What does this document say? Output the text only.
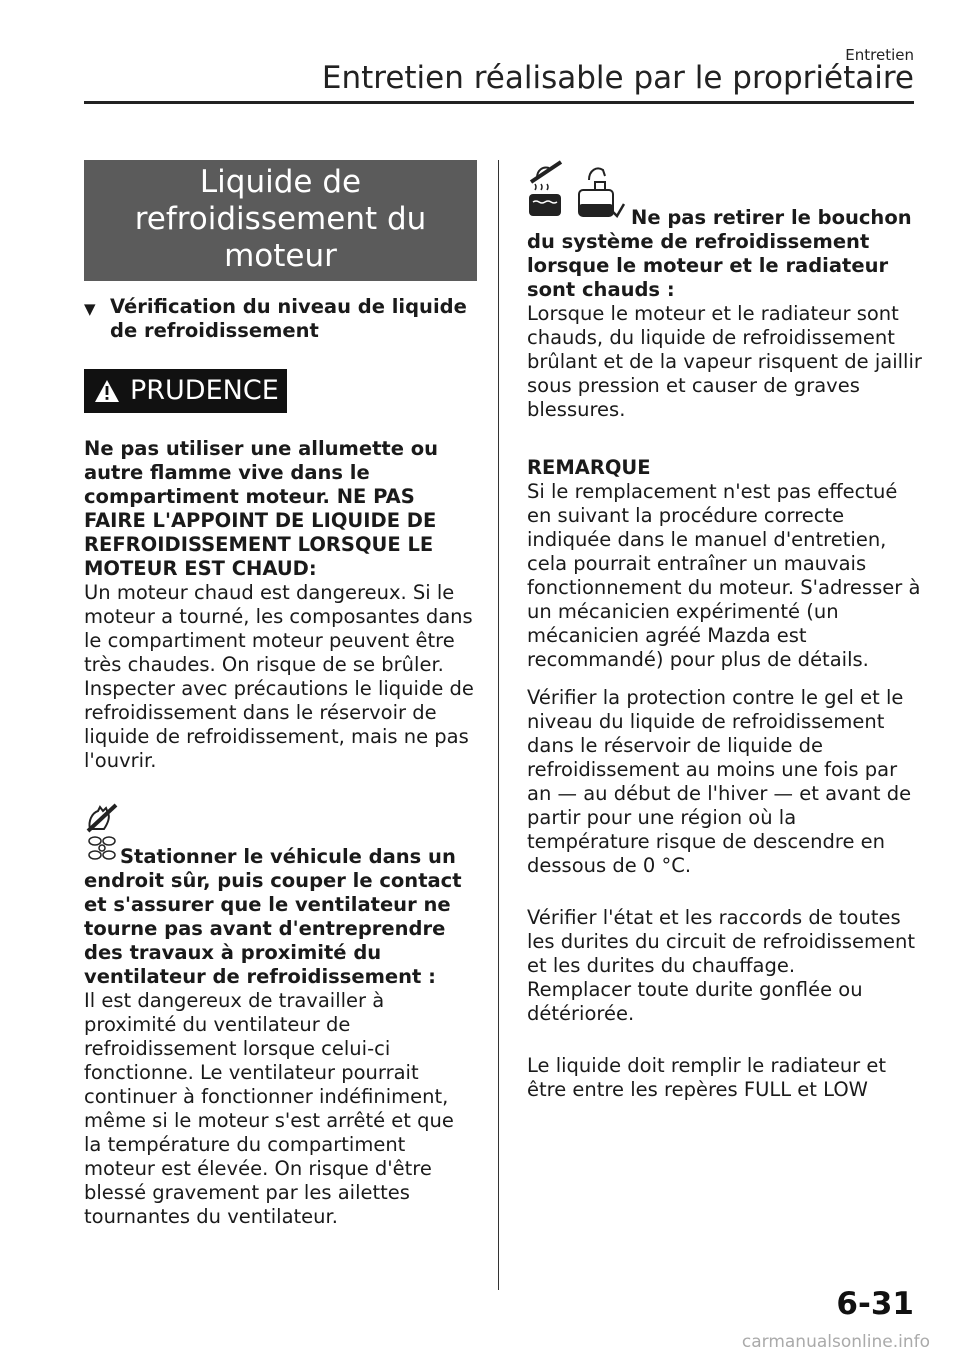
Entretien
Entretien réalisable par le propriétaire
Liquide de refroidissement du moteur
▼ Vérification du niveau de liquide de refroidissement
PRUDENCE

Ne pas utiliser une allumette ou autre flamme vive dans le compartiment moteur. NE PAS FAIRE L'APPOINT DE LIQUIDE DE REFROIDISSEMENT LORSQUE LE MOTEUR EST CHAUD:

Un moteur chaud est dangereux. Si le moteur a tourné, les composantes dans le compartiment moteur peuvent être très chaudes. On risque de se brûler. Inspecter avec précautions le liquide de refroidissement dans le réservoir de liquide de refroidissement, mais ne pas l'ouvrir.

Stationner le véhicule dans un endroit sûr, puis couper le contact et s'assurer que le ventilateur ne tourne pas avant d'entreprendre des travaux à proximité du ventilateur de refroidissement :

Il est dangereux de travailler à proximité du ventilateur de refroidissement lorsque celui-ci fonctionne. Le ventilateur pourrait continuer à fonctionner indéfiniment, même si le moteur s'est arrêté et que la température du compartiment moteur est élevée. On risque d'être blessé gravement par les ailettes tournantes du ventilateur.

Ne pas retirer le bouchon du système de refroidissement lorsque le moteur et le radiateur sont chauds :

Lorsque le moteur et le radiateur sont chauds, du liquide de refroidissement brûlant et de la vapeur risquent de jaillir sous pression et causer de graves blessures.

REMARQUE

Si le remplacement n'est pas effectué en suivant la procédure correcte indiquée dans le manuel d'entretien, cela pourrait entraîner un mauvais fonctionnement du moteur. S'adresser à un mécanicien expérimenté (un mécanicien agréé Mazda est recommandé) pour plus de détails.

Vérifier la protection contre le gel et le niveau du liquide de refroidissement dans le réservoir de liquide de refroidissement au moins une fois par an — au début de l'hiver — et avant de partir pour une région où la température risque de descendre en dessous de 0 °C.

Vérifier l'état et les raccords de toutes les durites du circuit de refroidissement et les durites du chauffage.

Remplacer toute durite gonflée ou détériorée.

Le liquide doit remplir le radiateur et être entre les repères FULL et LOW

6-31
carmanualsonline.info
